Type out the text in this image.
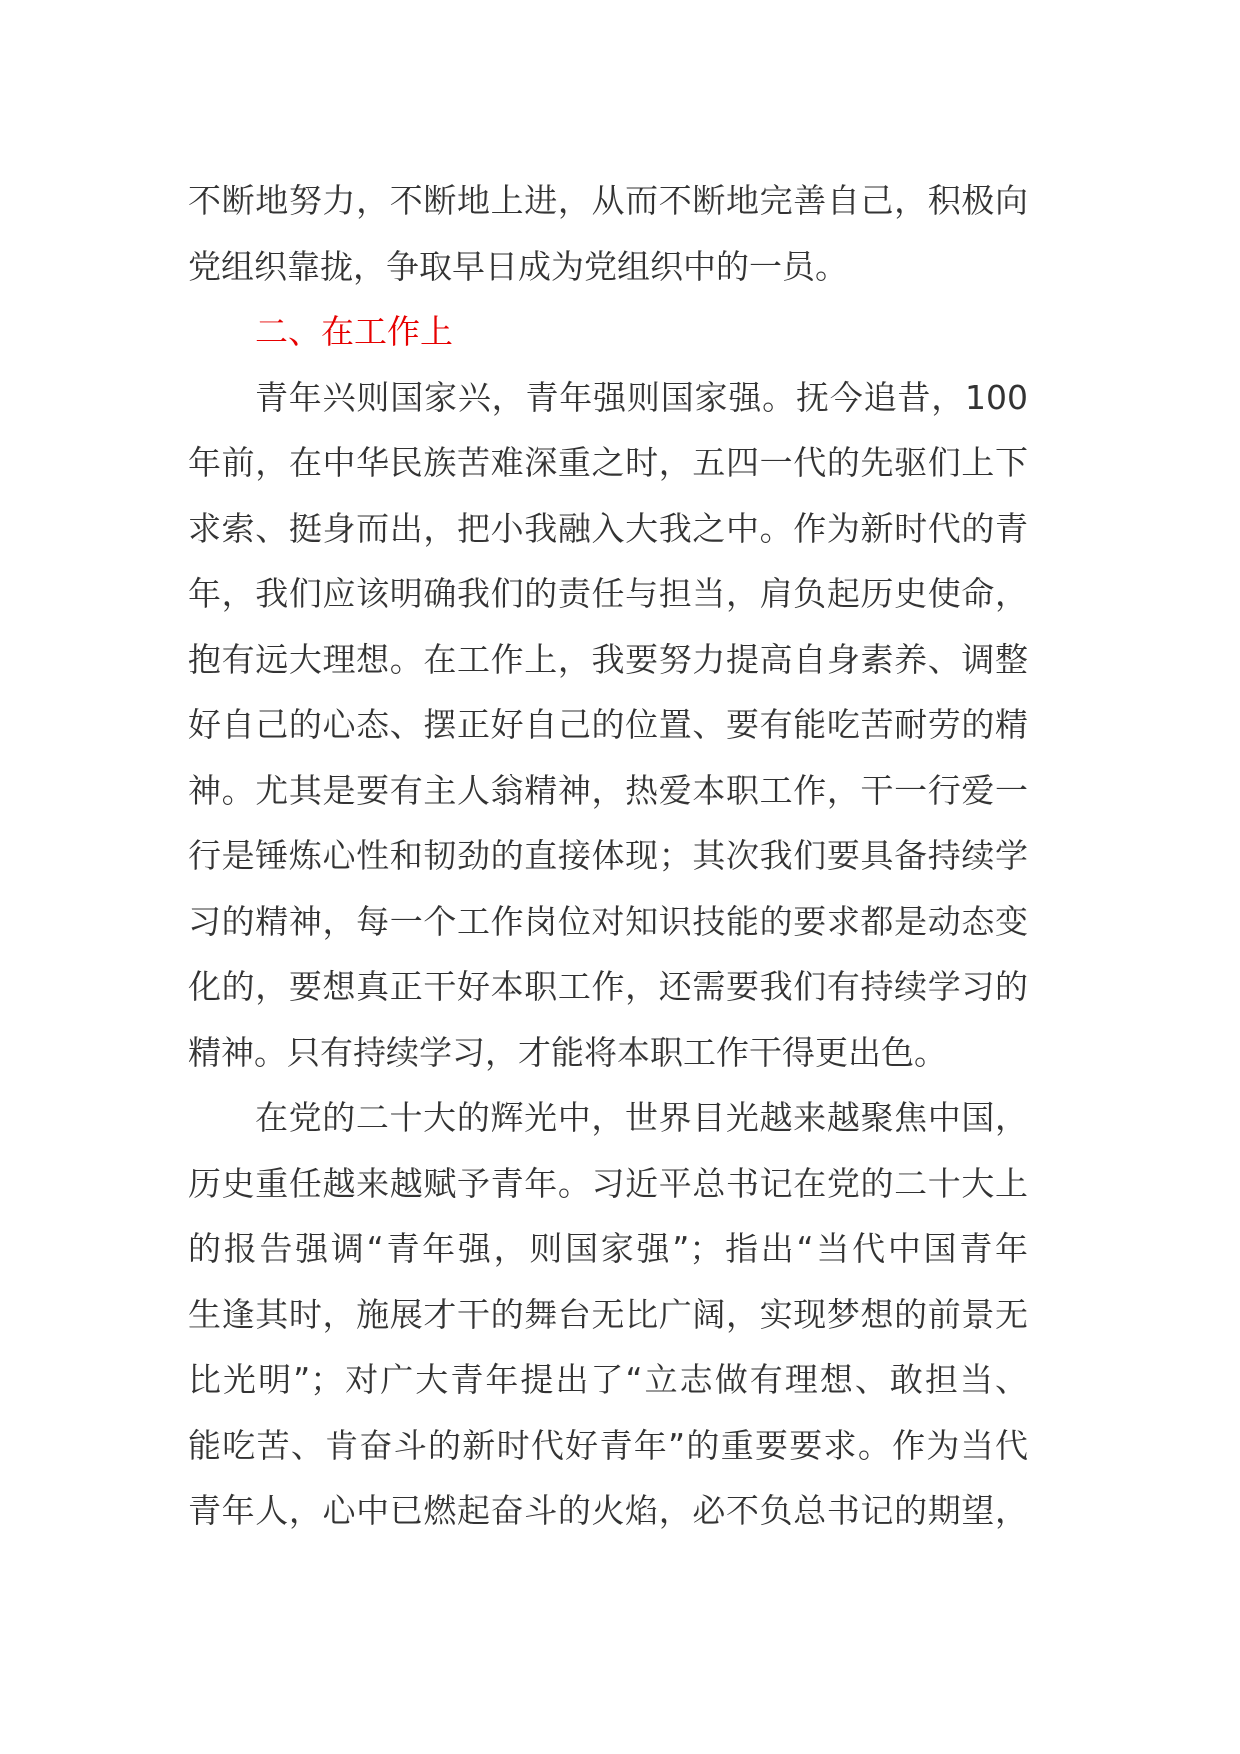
不断地努力，不断地上进，从而不断地完善自己，积极向
党组织靠拢，争取早日成为党组织中的一员。
二、在工作上
青年兴则国家兴，青年强则国家强。抚今追昔，100
年前，在中华民族苦难深重之时，五四一代的先驱们上下
求索、挺身而出，把小我融入大我之中。作为新时代的青
年，我们应该明确我们的责任与担当，肩负起历史使命，
抱有远大理想。在工作上，我要努力提高自身素养、调整
好自己的心态、摆正好自己的位置、要有能吃苦耐劳的精
神。尤其是要有主人翁精神，热爱本职工作，干一行爱一
行是锤炼心性和韧劲的直接体现；其次我们要具备持续学
习的精神，每一个工作岗位对知识技能的要求都是动态变
化的，要想真正干好本职工作，还需要我们有持续学习的
精神。只有持续学习，才能将本职工作干得更出色。
在党的二十大的辉光中，世界目光越来越聚焦中国，
历史重任越来越赋予青年。习近平总书记在党的二十大上
的报告强调“青年强，则国家强”；指出“当代中国青年
生逢其时，施展才干的舞台无比广阔，实现梦想的前景无
比光明”；对广大青年提出了“立志做有理想、敢担当、
能吃苦、肯奋斗的新时代好青年”的重要要求。作为当代
青年人，心中已燃起奋斗的火焰，必不负总书记的期望，
